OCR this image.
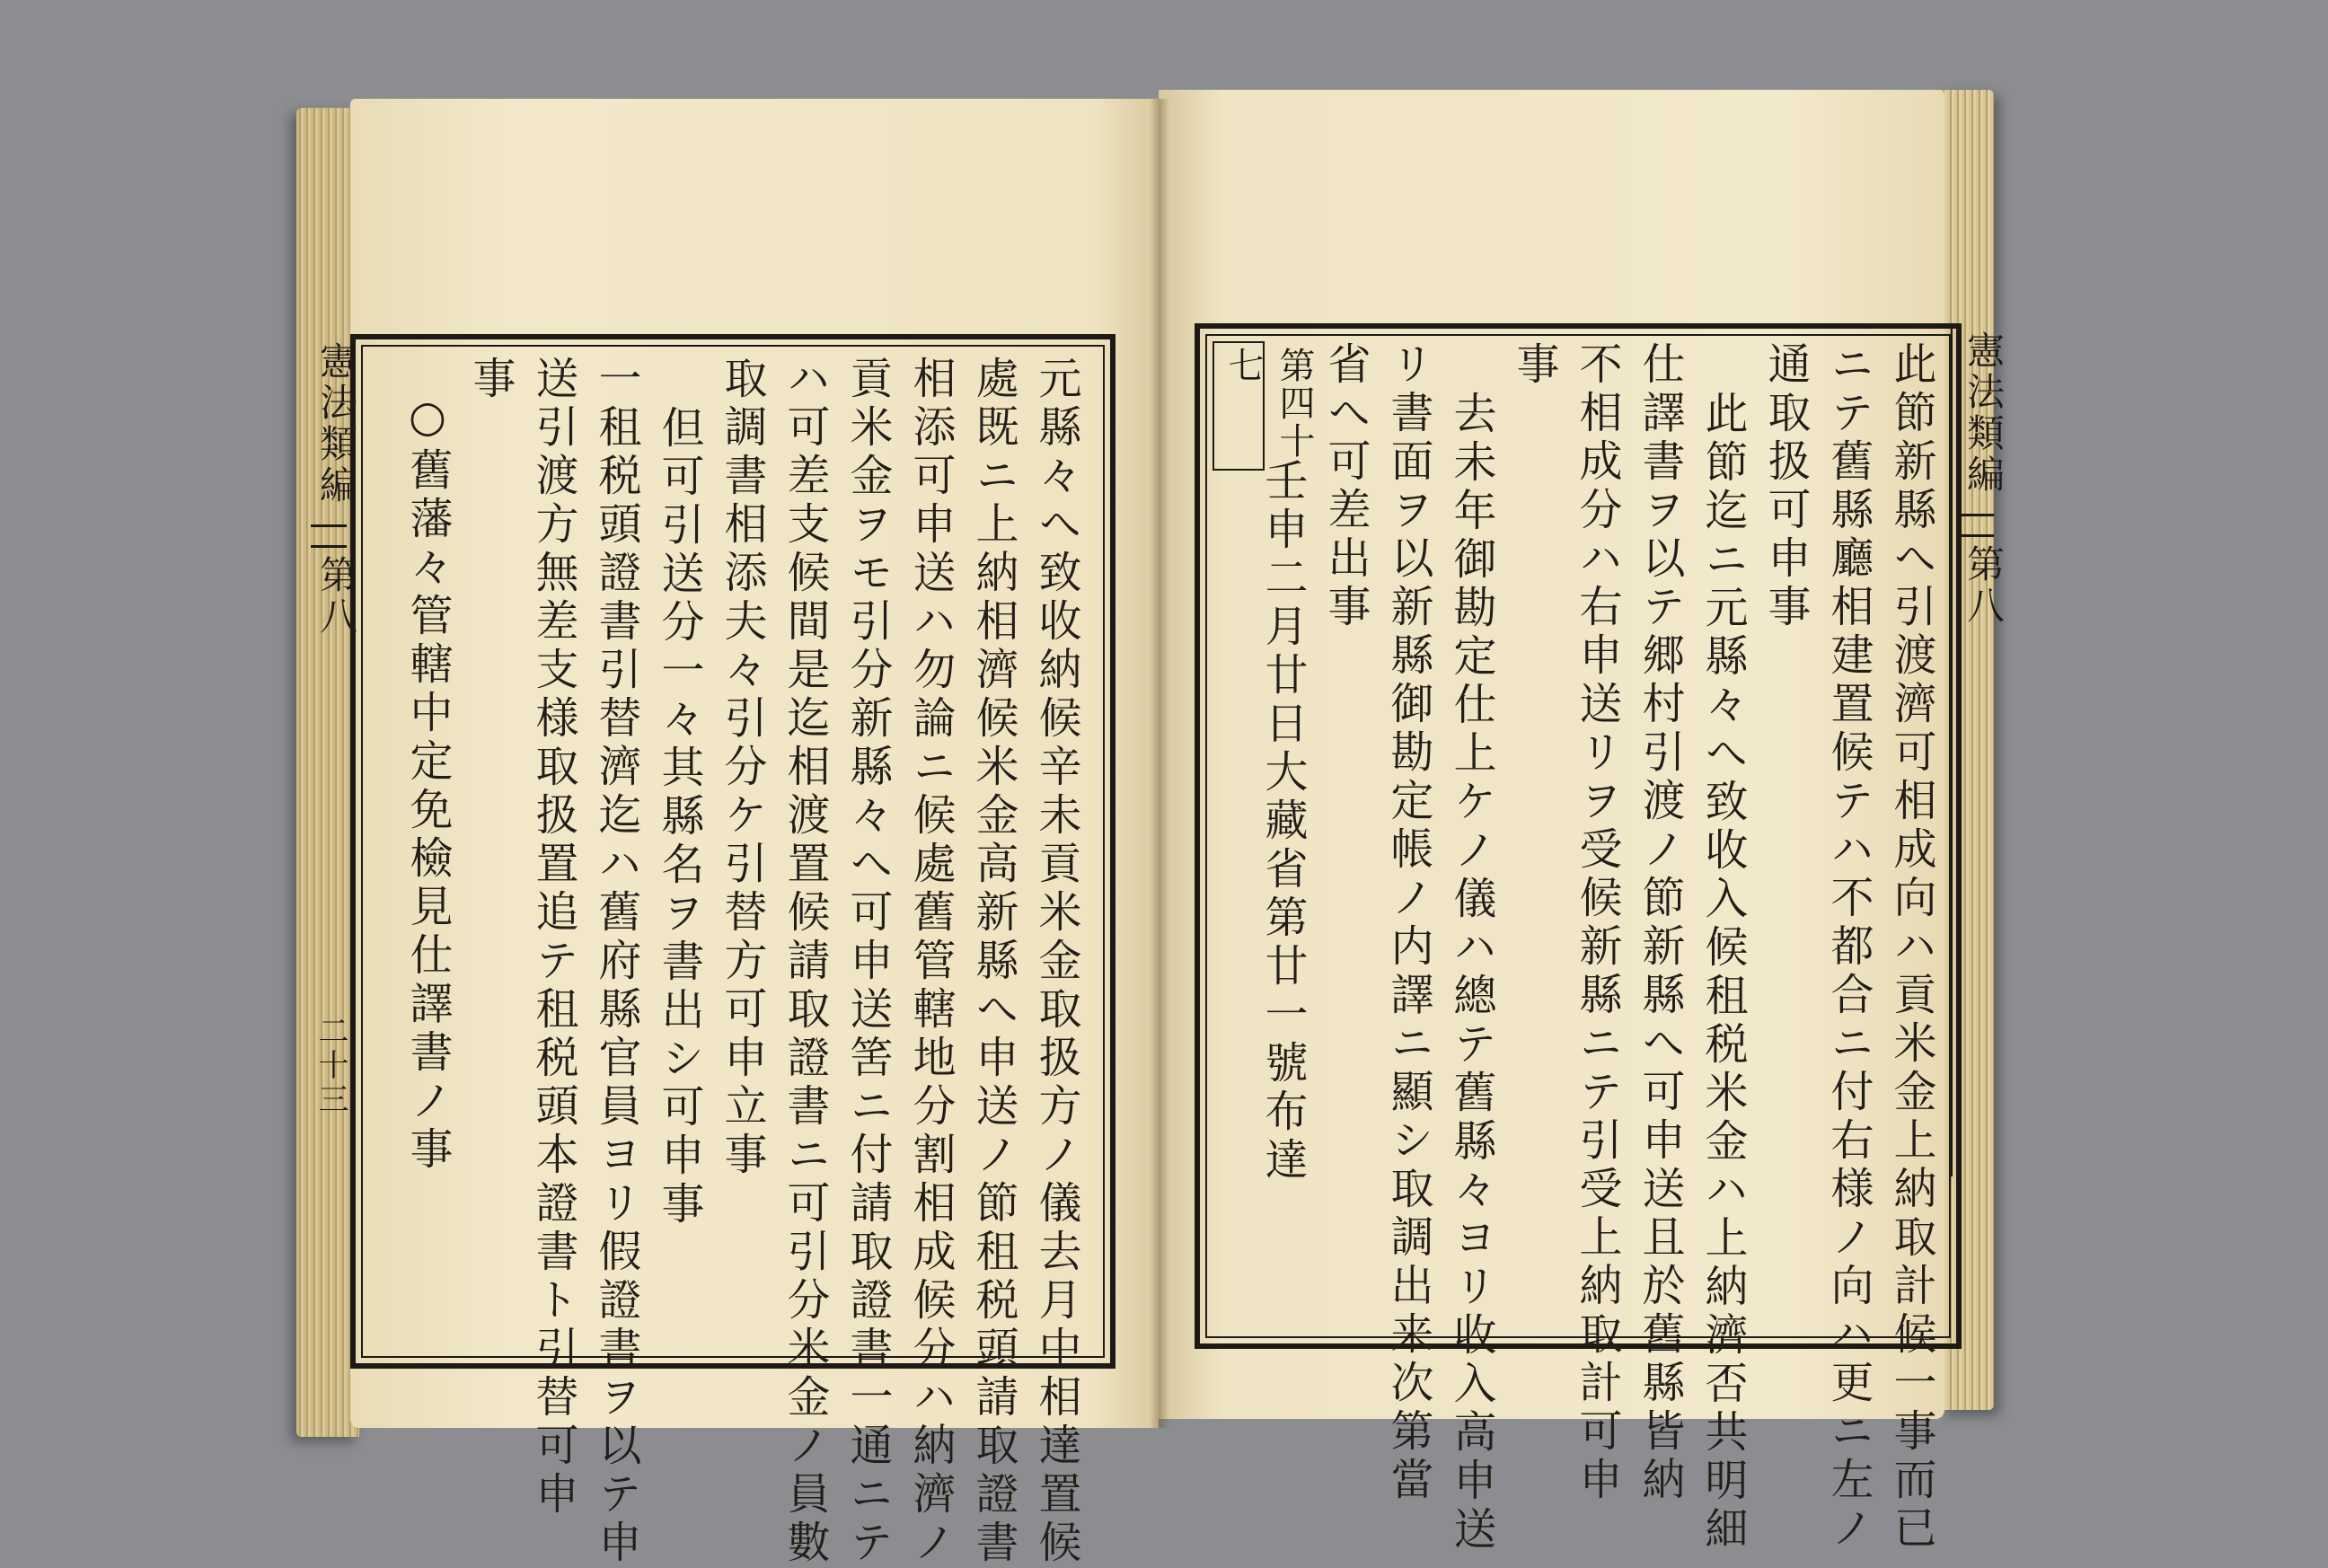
憲法類編
第八
二十三	元縣々へ致收納候辛未貢米金取扱方ノ儀去月中相達置候
處既ニ上納相濟候米金高新縣へ申送ノ節租税頭請取證書
相添可申送ハ勿論ニ候處舊管轄地分割相成候分ハ納濟ノ
貢米金ヲモ引分新縣々へ可申送筈ニ付請取證書一通ニテ
ハ可差支候間是迄相渡置候請取證書ニ可引分米金ノ員數
取調書相添夫々引分ケ引替方可申立事
但可引送分一々其縣名ヲ書出シ可申事
一租税頭證書引替濟迄ハ舊府縣官員ヨリ假證書ヲ以テ申
送引渡方無差支様取扱置追テ租税頭本證書ト引替可申
事
○舊藩々管轄中定免檢見仕譯書ノ事	此節新縣へ引渡濟可相成向ハ貢米金上納取計候一事而已
ニテ舊縣廳相建置候テハ不都合ニ付右様ノ向ハ更ニ左ノ
通取扱可申事
此節迄ニ元縣々へ致收入候租税米金ハ上納濟否共明細
仕譯書ヲ以テ郷村引渡ノ節新縣へ可申送且於舊縣皆納
不相成分ハ右申送リヲ受候新縣ニテ引受上納取計可申
事
去未年御勘定仕上ケノ儀ハ總テ舊縣々ヨリ收入高申送
リ書面ヲ以新縣御勘定帳ノ内譯ニ顯シ取調出来次第當
省へ可差出事
壬申二月廿日大藏省第廿一號布達
第四十七	憲法類編
第八
